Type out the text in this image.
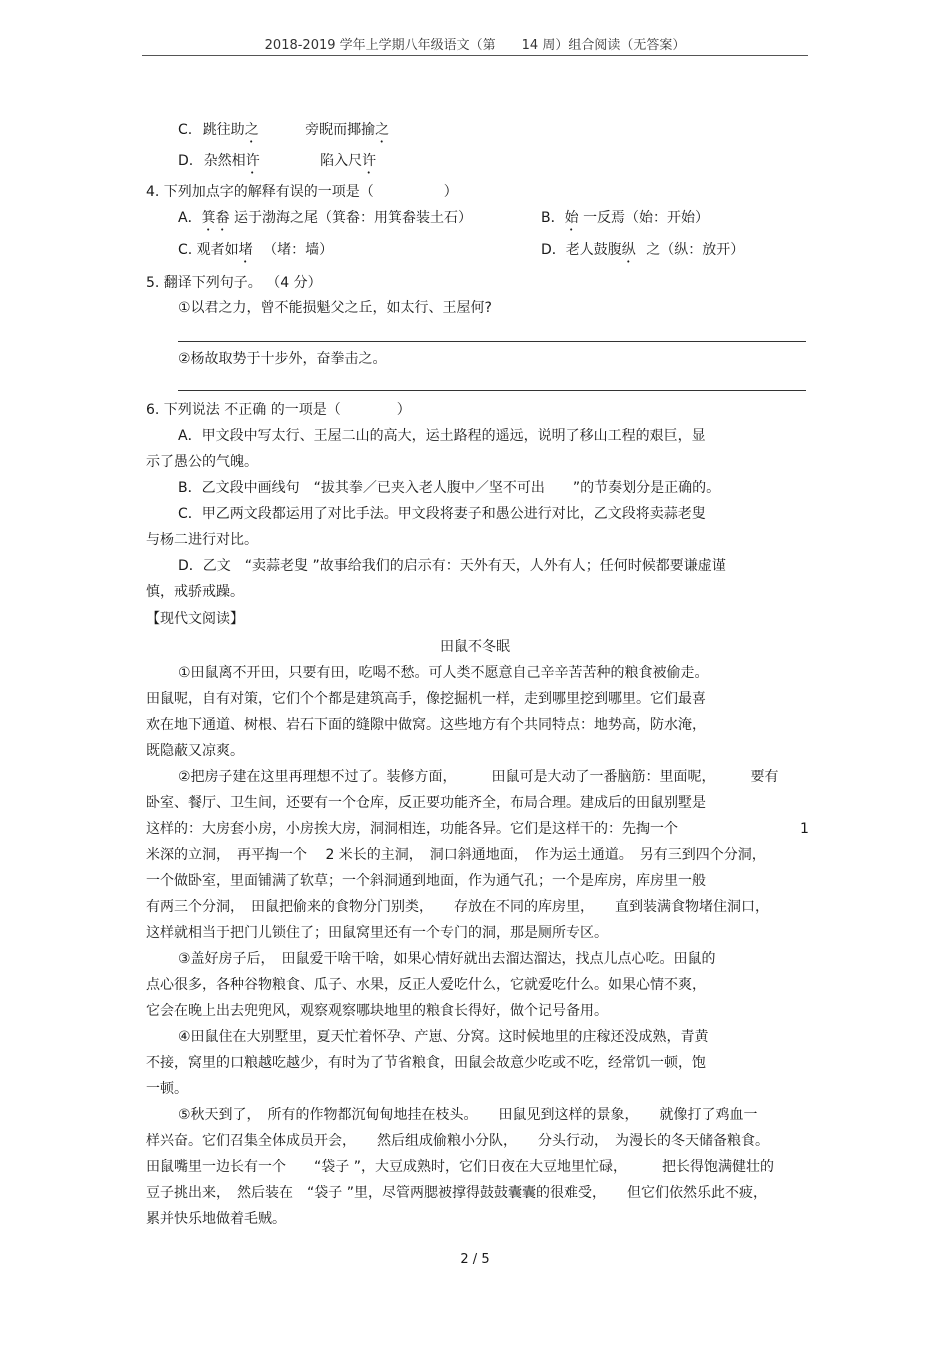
2018-2019 学年上学期八年级语文（第　　14 周）组合阅读（无答案）
C. 跳往助之	旁睨而揶揄之
D. 杂然相许	陷入尺许
4. 下列加点字的解释有误的一项是（　　　　　）
A．箕畚 运于渤海之尾（箕畚：用箕畚装土石）	B．始 一反焉（始：开始）
C. 观者如堵 （堵：墙）	D．老人鼓腹纵 之（纵：放开）
5. 翻译下列句子。 （4 分）
①以君之力，曾不能损魁父之丘，如太行、王屋何?
②杨故取势于十步外，奋拳击之。
6. 下列说法 不正确 的一项是（　　　　）
A．甲文段中写太行、王屋二山的高大，运土路程的遥远，说明了移山工程的艰巨，显
示了愚公的气魄。
B．乙文段中画线句　“拔其拳／已夹入老人腹中／坚不可出　　”的节奏划分是正确的。
C．甲乙两文段都运用了对比手法。甲文段将妻子和愚公进行对比，乙文段将卖蒜老叟
与杨二进行对比。
D．乙文　“卖蒜老叟 ”故事给我们的启示有：天外有天，人外有人；任何时候都要谦虚谨
慎，戒骄戒躁。
【现代文阅读】
田鼠不冬眠
①田鼠离不开田，只要有田，吃喝不愁。可人类不愿意自己辛辛苦苦种的粮食被偷走。
田鼠呢，自有对策，它们个个都是建筑高手，像挖掘机一样，走到哪里挖到哪里。它们最喜
欢在地下通道、树根、岩石下面的缝隙中做窝。这些地方有个共同特点：地势高，防水淹，
既隐蔽又凉爽。
②把房子建在这里再理想不过了。装修方面，　　　田鼠可是大动了一番脑筋：里面呢，　　　要有
卧室、餐厅、卫生间，还要有一个仓库，反正要功能齐全，布局合理。建成后的田鼠别墅是
这样的：大房套小房，小房挨大房，洞洞相连，功能各异。它们是这样干的：先掏一个	1
米深的立洞，　再平掏一个　 2 米长的主洞，　洞口斜通地面，　作为运土通道。　另有三到四个分洞，
一个做卧室，里面铺满了软草；一个斜洞通到地面，作为通气孔；一个是库房，库房里一般
有两三个分洞，　田鼠把偷来的食物分门别类，　　存放在不同的库房里，　　直到装满食物堵住洞口，
这样就相当于把门儿锁住了；田鼠窝里还有一个专门的洞，那是厕所专区。
③盖好房子后，　田鼠爱干啥干啥，如果心情好就出去溜达溜达，找点儿点心吃。田鼠的
点心很多，各种谷物粮食、瓜子、水果，反正人爱吃什么，它就爱吃什么。如果心情不爽，
它会在晚上出去兜兜风，观察观察哪块地里的粮食长得好，做个记号备用。
④田鼠住在大别墅里，夏天忙着怀孕、产崽、分窝。这时候地里的庄稼还没成熟，青黄
不接，窝里的口粮越吃越少，有时为了节省粮食，田鼠会故意少吃或不吃，经常饥一顿，饱
一顿。
⑤秋天到了，　所有的作物都沉甸甸地挂在枝头。　　田鼠见到这样的景象，　　就像打了鸡血一
样兴奋。它们召集全体成员开会，　　然后组成偷粮小分队，　　分头行动，　为漫长的冬天储备粮食。
田鼠嘴里一边长有一个　　“袋子 ”，大豆成熟时，它们日夜在大豆地里忙碌，　　　把长得饱满健壮的
豆子挑出来，　然后装在　“袋子 ”里，尽管两腮被撑得鼓鼓囊囊的很难受，　　但它们依然乐此不疲，
累并快乐地做着毛贼。
2 / 5
